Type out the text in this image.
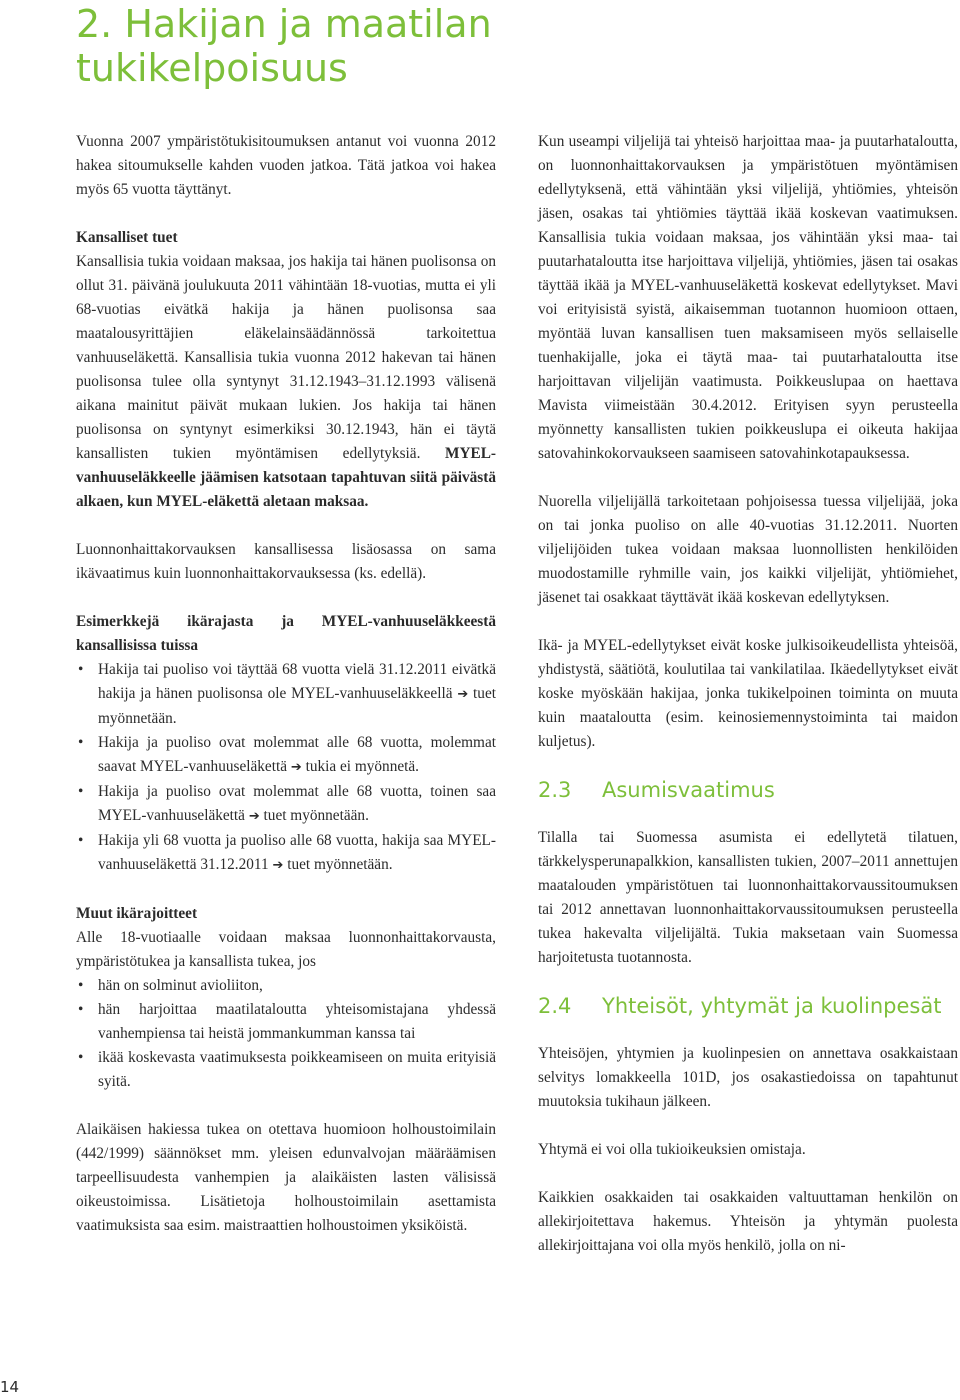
2. Hakijan ja maatilan tukikelpoisuus

Vuonna 2007 ympäristötukisitoumuksen antanut voi vuonna 2012 hakea sitoumukselle kahden vuoden jatkoa. Tätä jatkoa voi hakea myös 65 vuotta täyttänyt.

Kansalliset tuet

Kansallisia tukia voidaan maksaa, jos hakija tai hänen puolisonsa on ollut 31. päivänä joulukuuta 2011 vähintään 18-vuotias, mutta ei yli 68-vuotias eivätkä hakija ja hänen puolisonsa saa maatalousyrittäjien eläkelainsäädännössä tarkoitettua vanhuuseläkettä. Kansallisia tukia vuonna 2012 hakevan tai hänen puolisonsa tulee olla syntynyt 31.12.1943–31.12.1993 välisenä aikana mainitut päivät mukaan lukien. Jos hakija tai hänen puolisonsa on syntynyt esimerkiksi 30.12.1943, hän ei täytä kansallisten tukien myöntämisen edellytyksiä. MYEL-vanhuuseläkkeelle jäämisen katsotaan tapahtuvan siitä päivästä alkaen, kun MYEL-eläkettä aletaan maksaa.

Luonnonhaittakorvauksen kansallisessa lisäosassa on sama ikävaatimus kuin luonnonhaittakorvauksessa (ks. edellä).

Esimerkkejä ikärajasta ja MYEL-vanhuuseläkkeestä kansallisissa tuissa

• Hakija tai puoliso voi täyttää 68 vuotta vielä 31.12.2011 eivätkä hakija ja hänen puolisonsa ole MYEL-vanhuuseläkkeellä ➔ tuet myönnetään.
• Hakija ja puoliso ovat molemmat alle 68 vuotta, molemmat saavat MYEL-vanhuuseläkettä ➔ tukia ei myönnetä.
• Hakija ja puoliso ovat molemmat alle 68 vuotta, toinen saa MYEL-vanhuuseläkettä ➔ tuet myönnetään.
• Hakija yli 68 vuotta ja puoliso alle 68 vuotta, hakija saa MYEL-vanhuuseläkettä 31.12.2011 ➔ tuet myönnetään.

Muut ikärajoitteet

Alle 18-vuotiaalle voidaan maksaa luonnonhaittakorvausta, ympäristötukea ja kansallista tukea, jos

• hän on solminut avioliiton,
• hän harjoittaa maatilataloutta yhteisomistajana yhdessä vanhempiensa tai heistä jommankumman kanssa tai
• ikää koskevasta vaatimuksesta poikkeamiseen on muita erityisiä syitä.

Alaikäisen hakiessa tukea on otettava huomioon holhoustoimilain (442/1999) säännökset mm. yleisen edunvalvojan määräämisen tarpeellisuudesta vanhempien ja alaikäisten lasten välisissä oikeustoimissa. Lisätietoja holhoustoimilain asettamista vaatimuksista saa esim. maistraattien holhoustoimen yksiköistä.

Kun useampi viljelijä tai yhteisö harjoittaa maa- ja puutarhataloutta, on luonnonhaittakorvauksen ja ympäristötuen myöntämisen edellytyksenä, että vähintään yksi viljelijä, yhtiömies, yhteisön jäsen, osakas tai yhtiömies täyttää ikää koskevan vaatimuksen. Kansallisia tukia voidaan maksaa, jos vähintään yksi maa- tai puutarhataloutta itse harjoittava viljelijä, yhtiömies, jäsen tai osakas täyttää ikää ja MYEL-vanhuuseläkettä koskevat edellytykset. Mavi voi erityisistä syistä, aikaisemman tuotannon huomioon ottaen, myöntää luvan kansallisen tuen maksamiseen myös sellaiselle tuenhakijalle, joka ei täytä maa- tai puutarhataloutta itse harjoittavan viljelijän vaatimusta. Poikkeuslupaa on haettava Mavista viimeistään 30.4.2012. Erityisen syyn perusteella myönnetty kansallisten tukien poikkeuslupa ei oikeuta hakijaa satovahinkokorvaukseen saamiseen satovahinkotapauksessa.

Nuorella viljelijällä tarkoitetaan pohjoisessa tuessa viljelijää, joka on tai jonka puoliso on alle 40-vuotias 31.12.2011. Nuorten viljelijöiden tukea voidaan maksaa luonnollisten henkilöiden muodostamille ryhmille vain, jos kaikki viljelijät, yhtiömiehet, jäsenet tai osakkaat täyttävät ikää koskevan edellytyksen.

Ikä- ja MYEL-edellytykset eivät koske julkisoikeudellista yhteisöä, yhdistystä, säätiötä, koulutilaa tai vankilatilaa. Ikäedellytykset eivät koske myöskään hakijaa, jonka tukikelpoinen toiminta on muuta kuin maataloutta (esim. keinosiemennystoiminta tai maidon kuljetus).

2.3 Asumisvaatimus

Tilalla tai Suomessa asumista ei edellytetä tilatuen, tärkkelysperunapalkkion, kansallisten tukien, 2007–2011 annettujen maatalouden ympäristötuen tai luonnonhaittakorvaussitoumuksen tai 2012 annettavan luonnonhaittakorvaussitoumuksen perusteella tukea hakevalta viljelijältä. Tukia maksetaan vain Suomessa harjoitetusta tuotannosta.

2.4	Yhteisöt, yhtymät ja kuolinpesät

Yhteisöjen, yhtymien ja kuolinpesien on annettava osakkaistaan selvitys lomakkeella 101D, jos osakastiedoissa on tapahtunut muutoksia tukihaun jälkeen.

Yhtymä ei voi olla tukioikeuksien omistaja.

Kaikkien osakkaiden tai osakkaiden valtuuttaman henkilön on allekirjoitettava hakemus. Yhteisön ja yhtymän puolesta allekirjoittajana voi olla myös henkilö, jolla on ni-

14
